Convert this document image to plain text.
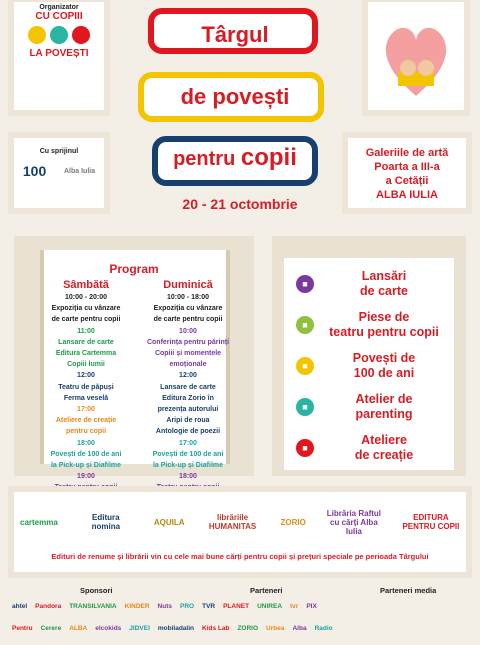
Organizator
CU COPIII
LA POVEȘTI
Cu sprijinul
100	Alba Iulia
Târgul
de povești
pentru copii
20 - 21 octombrie
Galeriile de artă
Poarta a III-a
a Cetății
ALBA IULIA
Program
Sâmbătă
10:00 - 20:00
Expoziția cu vânzare
de carte pentru copii
11:00
Lansare de carte
Editura Cartemma
Copiii lumii
12:00
Teatru de păpuși
Ferma veselă
17:00
Ateliere de creație
pentru copii
18:00
Povești de 100 de ani
la Pick-up și Diafilme
19:00
Teatru pentru copii
Duminică
10:00 - 18:00
Expoziția cu vânzare
de carte pentru copii
10:00
Conferința pentru părinți
Copiii și momentele
emoționale
12:00
Lansare de carte
Editura Zorio în
prezența autorului
Aripi de roua
Antologie de poezii
17:00
Povești de 100 de ani
la Pick-up și Diafilme
18:00
Teatru pentru copii
■
Lansări
de carte
■
Piese de
teatru pentru copii
■
Povești de
100 de ani
■
Atelier de
parenting
■
Ateliere
de creație
cartemma	Editura nomina	AQUILA	librăriile HUMANITAS	ZORIO
Librăria Raftul cu cărți Alba Iulia
EDITURA PENTRU COPII
Edituri de renume și librării vin cu cele mai bune cărți pentru copii și prețuri speciale pe perioada Târgului
Sponsori	Parteneri	Parteneri media
ahtel	Pandora	TRANSILVANIA	KINDER	Nuts	PRO	TVR	PLANET	UNIREA	tvr	PIX
Pentru	Cerere	ALBA	elcokids	JIDVEI	mobiladalin	Kids Lab	ZORIO	Urbea	Alba	Radio
